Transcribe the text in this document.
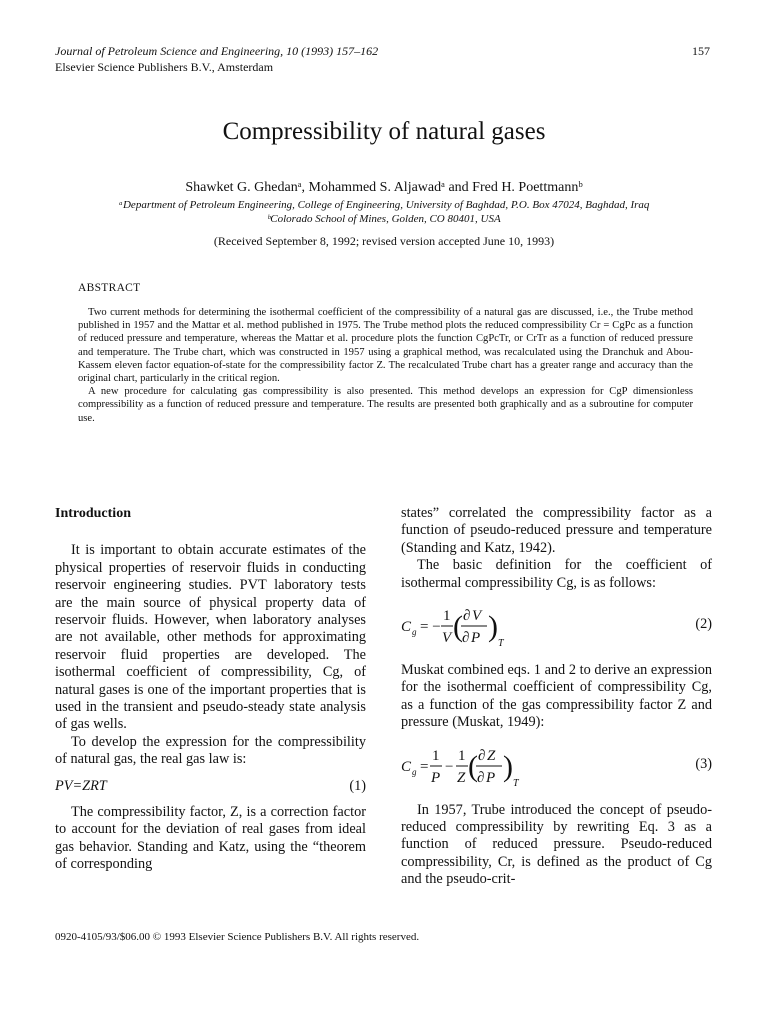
Journal of Petroleum Science and Engineering, 10 (1993) 157–162
Elsevier Science Publishers B.V., Amsterdam
157
Compressibility of natural gases
Shawket G. Ghedanᵃ, Mohammed S. Aljawadᵃ and Fred H. Poettmannᵇ
ᵃDepartment of Petroleum Engineering, College of Engineering, University of Baghdad, P.O. Box 47024, Baghdad, Iraq
ᵇColorado School of Mines, Golden, CO 80401, USA
(Received September 8, 1992; revised version accepted June 10, 1993)
ABSTRACT

Two current methods for determining the isothermal coefficient of the compressibility of a natural gas are discussed, i.e., the Trube method published in 1957 and the Mattar et al. method published in 1975. The Trube method plots the reduced compressibility Cr = CgPc as a function of reduced pressure and temperature, whereas the Mattar et al. procedure plots the function CgPcTr, or CrTr as a function of reduced pressure and temperature. The Trube chart, which was constructed in 1957 using a graphical method, was recalculated using the Dranchuk and Abou-Kassem eleven factor equation-of-state for the compressibility factor Z. The recalculated Trube chart has a greater range and accuracy than the original chart, particularly in the critical region.

A new procedure for calculating gas compressibility is also presented. This method develops an expression for CgP dimensionless compressibility as a function of reduced pressure and temperature. The results are presented both graphically and as a subroutine for computer use.

Introduction

It is important to obtain accurate estimates of the physical properties of reservoir fluids in conducting reservoir engineering studies. PVT laboratory tests are the main source of physical property data of reservoir fluids. However, when laboratory analyses are not available, other methods for approximating reservoir fluid properties are developed. The isothermal coefficient of compressibility, Cg, of natural gases is one of the important properties that is used in the transient and pseudo-steady state analysis of gas wells.

To develop the expression for the compressibility of natural gas, the real gas law is:

PV=ZRT	(1)

The compressibility factor, Z, is a correction factor to account for the deviation of real gases from ideal gas behavior. Standing and Katz, using the “theorem of corresponding

states” correlated the compressibility factor as a function of pseudo-reduced pressure and temperature (Standing and Katz, 1942).

The basic definition for the coefficient of isothermal compressibility Cg, is as follows:

C g = −
1
V ( ∂ V
∂ P )
T
(2)

Muskat combined eqs. 1 and 2 to derive an expression for the isothermal coefficient of compressibility Cg, as a function of the gas compressibility factor Z and pressure (Muskat, 1949):

C g =
1
P
−
1
Z ( ∂ Z
∂ P )
T
(3)

In 1957, Trube introduced the concept of pseudo-reduced compressibility by rewriting Eq. 3 as a function of reduced pressure. Pseudo-reduced compressibility, Cr, is defined as the product of Cg and the pseudo-crit-

0920-4105/93/$06.00 © 1993 Elsevier Science Publishers B.V. All rights reserved.
